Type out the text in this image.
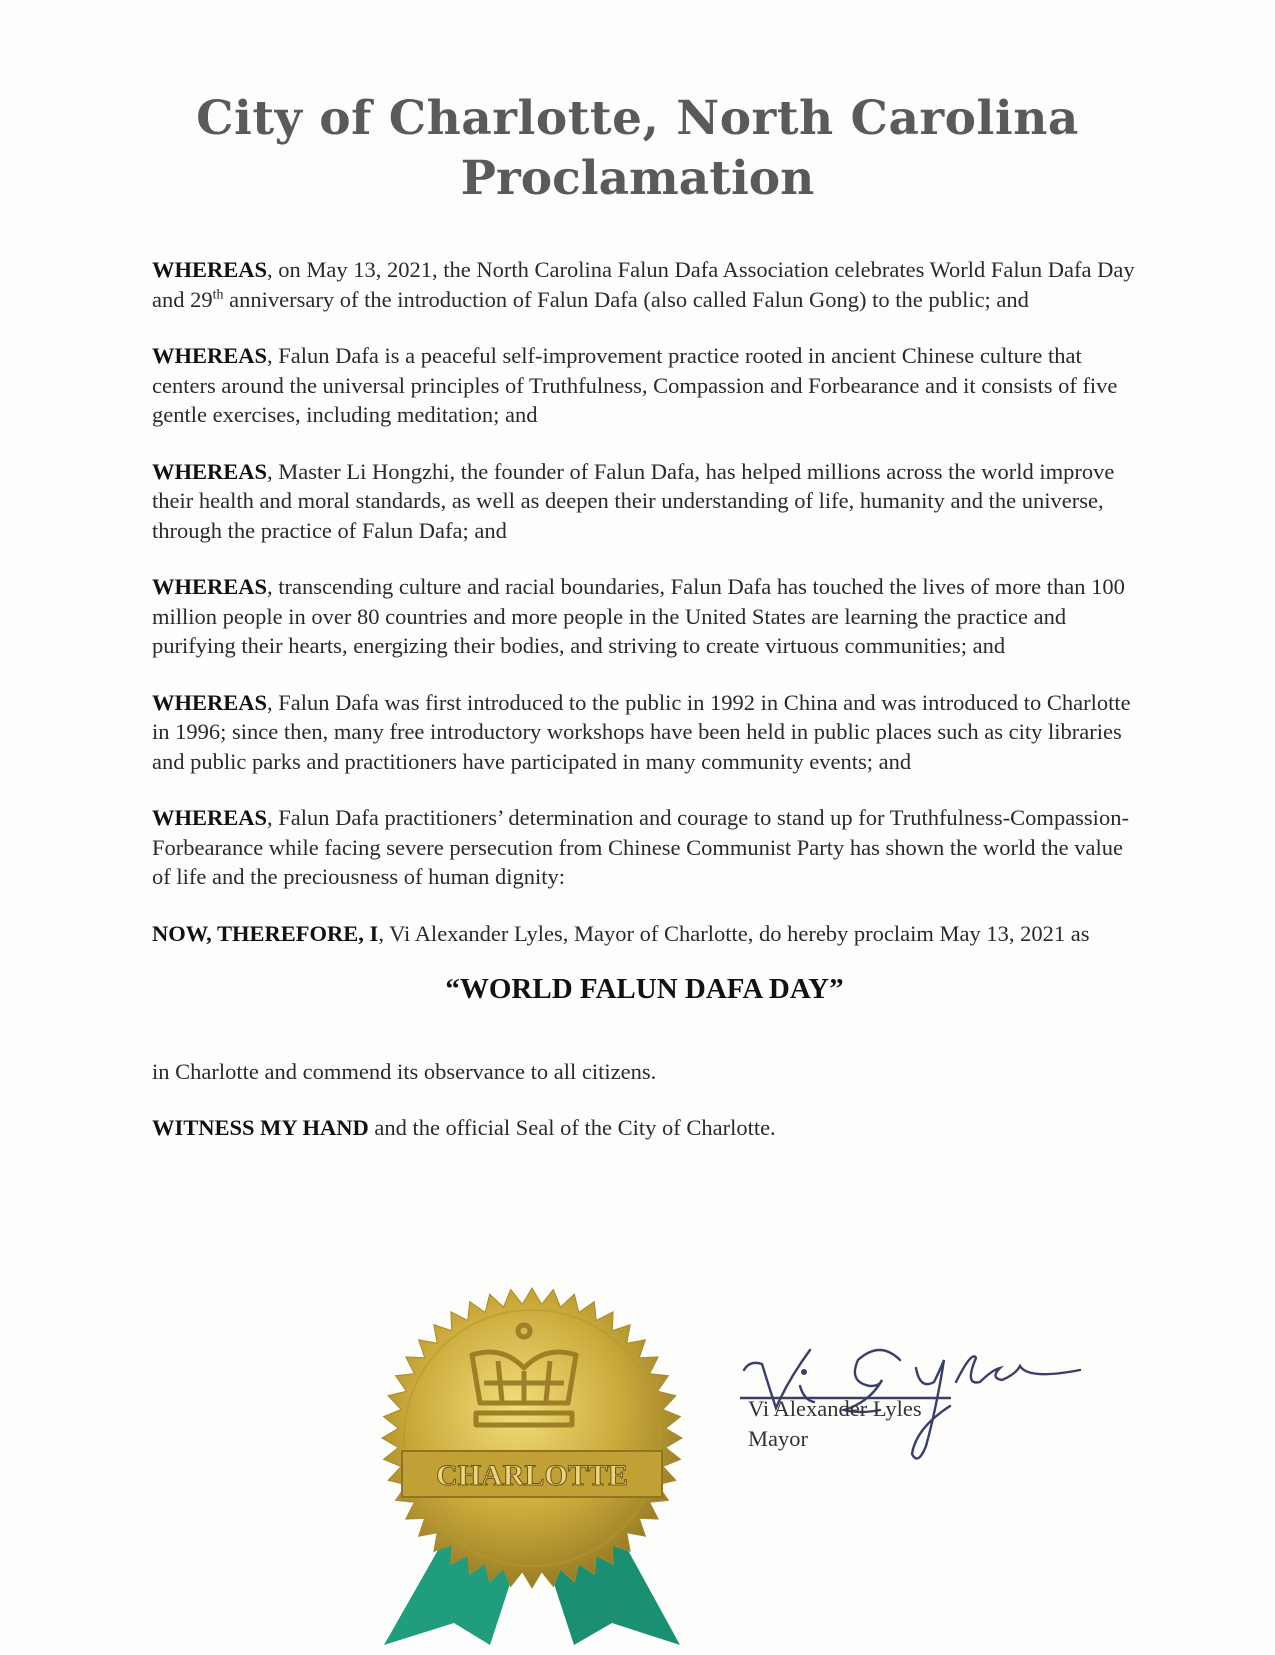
City of Charlotte, North Carolina
Proclamation

WHEREAS, on May 13, 2021, the North Carolina Falun Dafa Association celebrates World Falun Dafa Day and 29th anniversary of the introduction of Falun Dafa (also called Falun Gong) to the public; and

WHEREAS, Falun Dafa is a peaceful self-improvement practice rooted in ancient Chinese culture that centers around the universal principles of Truthfulness, Compassion and Forbearance and it consists of five gentle exercises, including meditation; and

WHEREAS, Master Li Hongzhi, the founder of Falun Dafa, has helped millions across the world improve their health and moral standards, as well as deepen their understanding of life, humanity and the universe, through the practice of Falun Dafa; and

WHEREAS, transcending culture and racial boundaries, Falun Dafa has touched the lives of more than 100 million people in over 80 countries and more people in the United States are learning the practice and purifying their hearts, energizing their bodies, and striving to create virtuous communities; and

WHEREAS, Falun Dafa was first introduced to the public in 1992 in China and was introduced to Charlotte in 1996; since then, many free introductory workshops have been held in public places such as city libraries and public parks and practitioners have participated in many community events; and

WHEREAS, Falun Dafa practitioners’ determination and courage to stand up for Truthfulness-Compassion-Forbearance while facing severe persecution from Chinese Communist Party has shown the world the value of life and the preciousness of human dignity:

NOW, THEREFORE, I, Vi Alexander Lyles, Mayor of Charlotte, do hereby proclaim May 13, 2021 as

“WORLD FALUN DAFA DAY”

in Charlotte and commend its observance to all citizens.

WITNESS MY HAND and the official Seal of the City of Charlotte.

CHARLOTTE
Vi Alexander Lyles
Mayor
